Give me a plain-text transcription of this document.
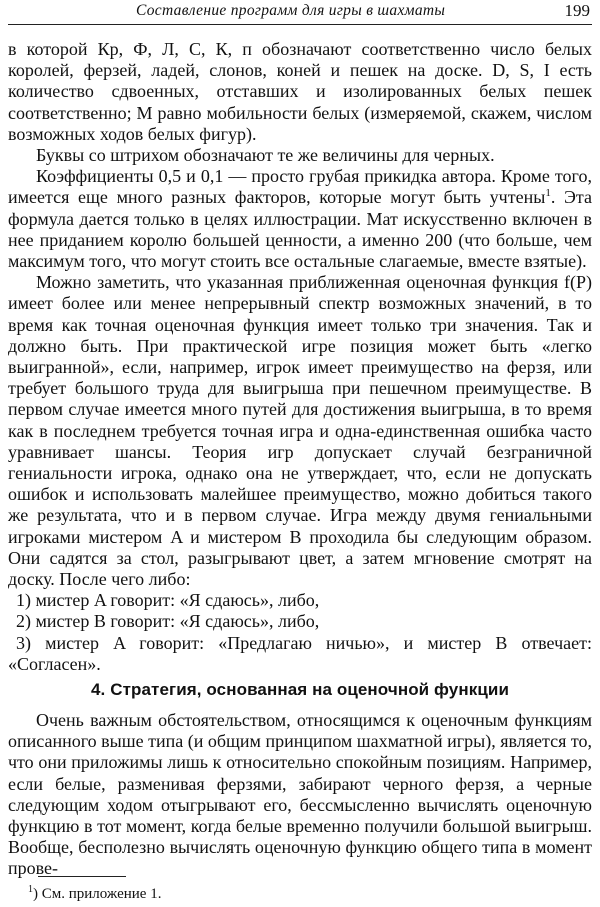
Составление программ для игры в шахматы	199

в которой Кр, Ф, Л, С, К, п обозначают соответственно число белых королей, ферзей, ладей, слонов, коней и пешек на доске. D, S, I есть количество сдвоенных, отставших и изолированных белых пешек соответственно; M равно мобильности белых (измеряемой, скажем, числом возможных ходов белых фигур).

Буквы со штрихом обозначают те же величины для черных.

Коэффициенты 0,5 и 0,1 — просто грубая прикидка автора. Кроме того, имеется еще много разных факторов, которые могут быть учтены$^1$. Эта формула дается только в целях иллюстрации. Мат искусственно включен в нее приданием королю большей ценности, а именно 200 (что больше, чем максимум того, что могут стоить все остальные слагаемые, вместе взятые).

Можно заметить, что указанная приближенная оценочная функция f(P) имеет более или менее непрерывный спектр возможных значений, в то время как точная оценочная функция имеет только три значения. Так и должно быть. При практической игре позиция может быть «легко выигранной», если, например, игрок имеет преимущество на ферзя, или требует большого труда для выигрыша при пешечном преимуществе. В первом случае имеется много путей для достижения выигрыша, в то время как в последнем требуется точная игра и одна-единственная ошибка часто уравнивает шансы. Теория игр допускает случай безграничной гениальности игрока, однако она не утверждает, что, если не допускать ошибок и использовать малейшее преимущество, можно добиться такого же результата, что и в первом случае. Игра между двумя гениальными игроками мистером A и мистером B проходила бы следующим образом. Они садятся за стол, разыгрывают цвет, а затем мгновение смотрят на доску. После чего либо:

1) мистер A говорит: «Я сдаюсь», либо,

2) мистер B говорит: «Я сдаюсь», либо,

3) мистер A говорит: «Предлагаю ничью», и мистер B отвечает: «Согласен».

4. Стратегия, основанная на оценочной функции

Очень важным обстоятельством, относящимся к оценочным функциям описанного выше типа (и общим принципом шахматной игры), является то, что они приложимы лишь к относительно спокойным позициям. Например, если белые, разменивая ферзями, забирают черного ферзя, а черные следующим ходом отыгрывают его, бессмысленно вычислять оценочную функцию в тот момент, когда белые временно получили большой выигрыш. Вообще, бесполезно вычислять оценочную функцию общего типа в момент прове-

$^1$) См. приложение 1.
